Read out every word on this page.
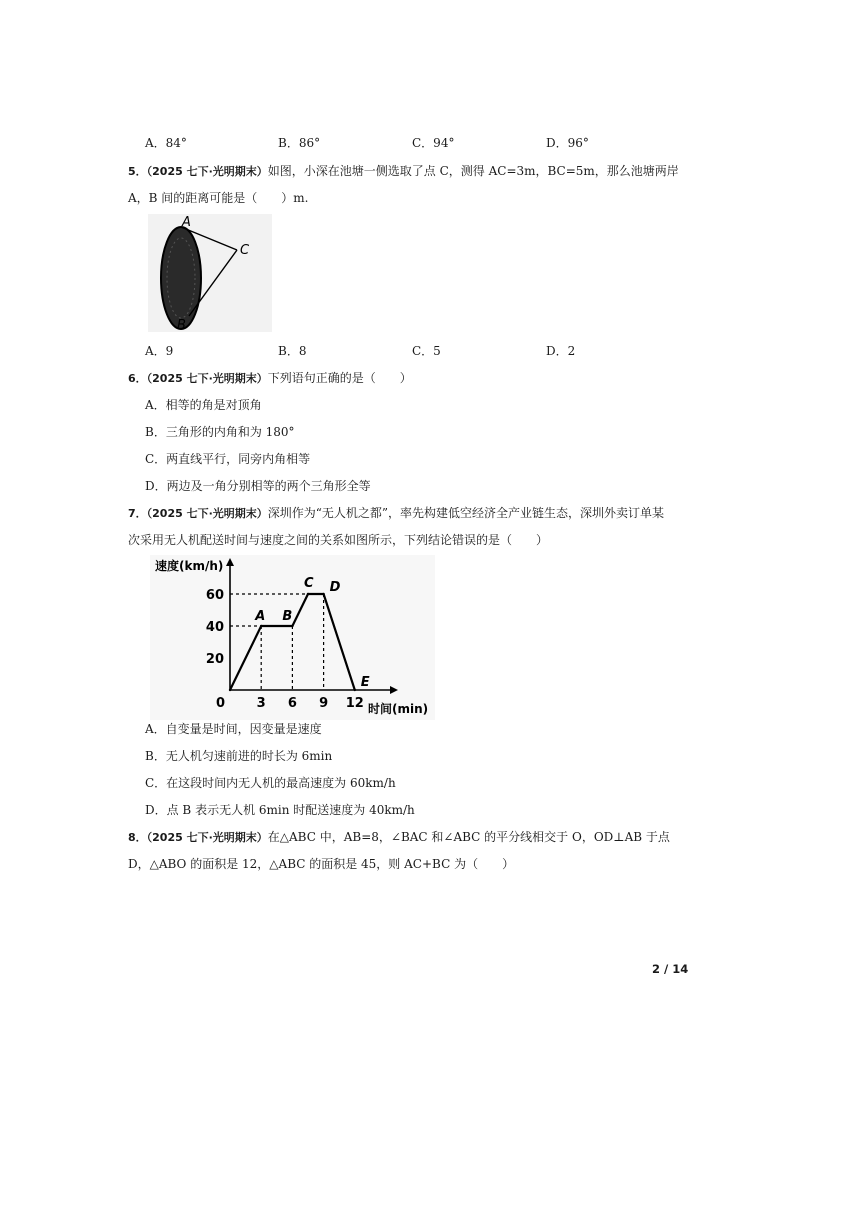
A．84°	B．86°	C．94°	D．96°
5．（2025 七下·光明期末）如图，小深在池塘一侧选取了点 C，测得 AC=3m，BC=5m，那么池塘两岸
A，B 间的距离可能是（　　）m.
A
C
B
A．9	B．8	C．5	D．2
6．（2025 七下·光明期末）下列语句正确的是（　　）
A．相等的角是对顶角
B．三角形的内角和为 180°
C．两直线平行，同旁内角相等
D．两边及一角分别相等的两个三角形全等
7．（2025 七下·光明期末）深圳作为“无人机之都”，率先构建低空经济全产业链生态，深圳外卖订单某
次采用无人机配送时间与速度之间的关系如图所示，下列结论错误的是（　　）
3 6 9 12
20
40
60
A B
C D
E
速度(km/h)
时间(min)
0
A．自变量是时间，因变量是速度
B．无人机匀速前进的时长为 6min
C．在这段时间内无人机的最高速度为 60km/h
D．点 B 表示无人机 6min 时配送速度为 40km/h
8．（2025 七下·光明期末）在△ABC 中，AB=8，∠BAC 和∠ABC 的平分线相交于 O，OD⊥AB 于点
D，△ABO 的面积是 12，△ABC 的面积是 45，则 AC+BC 为（　　）
2 / 14
